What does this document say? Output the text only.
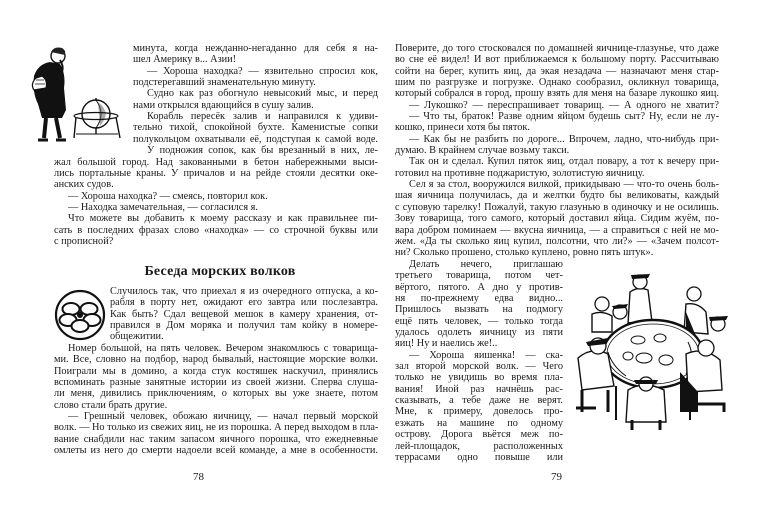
минута, когда нежданно-негаданно для себя я на-
шел Америку в... Азии!
— Хороша находка? — язвительно спросил кок,
подстерегавший знаменательную минуту.
Судно как раз обогнуло невысокий мыс, и перед
нами открылся вдающийся в сушу залив.
Корабль пересёк залив и направился к удиви-
тельно тихой, спокойной бухте. Каменистые сопки
полукольцом охватывали её, подступая к самой воде.
У подножия сопок, как бы врезанный в них, ле-
жал большой город. Над закованными в бетон набережными выси-
лись портальные краны. У причалов и на рейде стояли десятки оке-
анских судов.
— Хороша находка? — смеясь, повторил кок.
— Находка замечательная, — согласился я.
Что можете вы добавить к моему рассказу и как правильнее пи-
сать в последних фразах слово «находка» — со строчной буквы или
с прописной?
Беседа морских волков
Случилось так, что приехал я из очередного отпуска, а ко-
рабля в порту нет, ожидают его завтра или послезавтра.
Как быть? Сдал вещевой мешок в камеру хранения, от-
правился в Дом моряка и получил там койку в номере-
общежитии.
Номер большой, на пять человек. Вечером знакомлюсь с товарища-
ми. Все, словно на подбор, народ бывалый, настоящие морские волки.
Поиграли мы в домино, а когда стук костяшек наскучил, принялись
вспоминать разные занятные истории из своей жизни. Сперва слуша-
ли меня, дивились приключениям, о которых вы уже знаете, потом
слово стали брать другие.
— Грешный человек, обожаю яичницу, — начал первый морской
волк. — Но только из свежих яиц, не из порошка. А перед выходом в пла-
вание снабдили нас таким запасом яичного порошка, что ежедневные
омлеты из него до смерти надоели всей команде, а мне в особенности.
78
Поверите, до того стосковался по домашней яичнице-глазунье, что даже
во сне её видел! И вот приближаемся к большому порту. Рассчитываю
сойти на берег, купить яиц, да экая незадача — назначают меня стар-
шим по разгрузке и погрузке. Однако сообразил, окликнул товарища,
который собрался в город, прошу взять для меня на базаре лукошко яиц.
— Лукошко? — переспрашивает товарищ. — А одного не хватит?
— Что ты, браток! Разве одним яйцом будешь сыт? Ну, если не лу-
кошко, принеси хотя бы пяток.
— Как бы не разбить по дороге... Впрочем, ладно, что-нибудь при-
думаю. В крайнем случае возьму такси.
Так он и сделал. Купил пяток яиц, отдал повару, а тот к вечеру при-
готовил на противне поджаристую, золотистую яичницу.
Сел я за стол, вооружился вилкой, прикидываю — что-то очень боль-
шая яичница получилась, да и желтки будто бы великоваты, каждый
с суповую тарелку! Пожалуй, такую глазунью в одиночку и не осилишь.
Зову товарища, того самого, который доставил яйца. Сидим жуём, по-
вара добром поминаем — вкусна яичница, — а справиться с ней не мо-
жем. «Да ты сколько яиц купил, полсотни, что ли?» — «Зачем полсот-
ни? Сколько прошено, столько куплено, ровно пять штук».
Делать нечего, приглашаю
третьего товарища, потом чет-
вёртого, пятого. А дно у против-
ня по-прежнему едва видно...
Пришлось вызвать на подмогу
ещё пять человек, — только тогда
удалось одолеть яичницу из пяти
яиц! Ну и наелись же!..
— Хороша яишенка! — ска-
зал второй морской волк. — Чего
только не увидишь во время пла-
вания! Иной раз начнёшь рас-
сказывать, а тебе даже не верят.
Мне, к примеру, довелось про-
езжать на машине по одному
острову. Дорога вьётся меж по-
лей-площадок, расположенных
террасами одно повыше или
79
